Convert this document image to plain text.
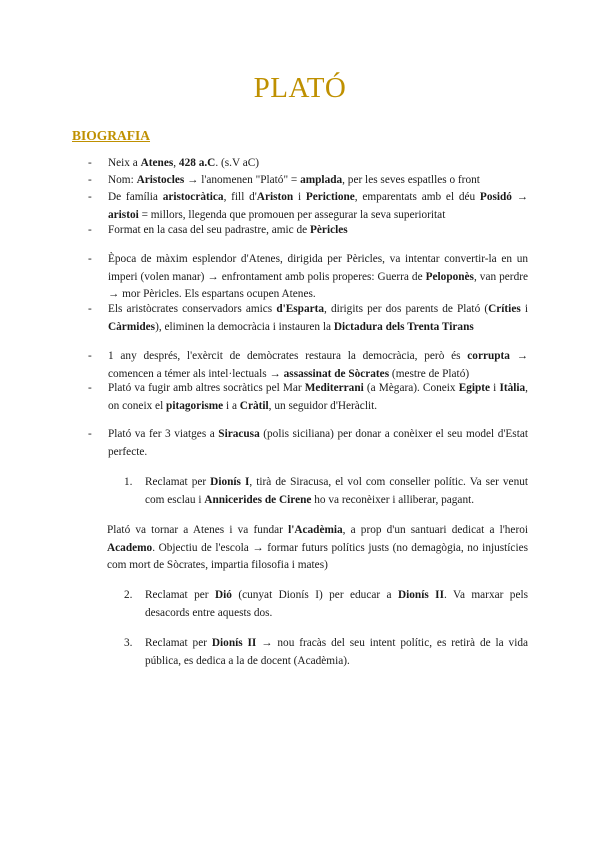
PLATÓ
BIOGRAFIA
- Neix a Atenes, 428 a.C. (s.V aC)
- Nom: Aristocles → l'anomenen "Plató" = amplada, per les seves espatlles o front
- De família aristocràtica, fill d'Ariston i Perictione, emparentats amb el déu Posidó → aristoi = millors, llegenda que promouen per assegurar la seva superioritat
- Format en la casa del seu padrastre, amic de Pèricles
- Època de màxim esplendor d'Atenes, dirigida per Pèricles, va intentar convertir-la en un imperi (volen manar) → enfrontament amb polis properes: Guerra de Peloponès, van perdre → mor Pèricles. Els espartans ocupen Atenes.
- Els aristòcrates conservadors amics d'Esparta, dirigits per dos parents de Plató (Críties i Càrmides), eliminen la democràcia i instauren la Dictadura dels Trenta Tirans
- 1 any després, l'exèrcit de demòcrates restaura la democràcia, però és corrupta → comencen a témer als intel·lectuals → assassinat de Sòcrates (mestre de Plató)
- Plató va fugir amb altres socràtics pel Mar Mediterrani (a Mègara). Coneix Egipte i Itàlia, on coneix el pitagorisme i a Cràtil, un seguidor d'Heràclit.
- Plató va fer 3 viatges a Siracusa (polis siciliana) per donar a conèixer el seu model d'Estat perfecte.
1. Reclamat per Dionís I, tirà de Siracusa, el vol com conseller polític. Va ser venut com esclau i Annicerides de Cirene ho va reconèixer i alliberar, pagant.
Plató va tornar a Atenes i va fundar l'Acadèmia, a prop d'un santuari dedicat a l'heroi Academo. Objectiu de l'escola → formar futurs polítics justs (no demagògia, no injustícies com mort de Sòcrates, impartia filosofia i mates)
2. Reclamat per Dió (cunyat Dionís I) per educar a Dionís II. Va marxar pels desacords entre aquests dos.
3. Reclamat per Dionís II → nou fracàs del seu intent polític, es retirà de la vida pública, es dedica a la de docent (Acadèmia).
